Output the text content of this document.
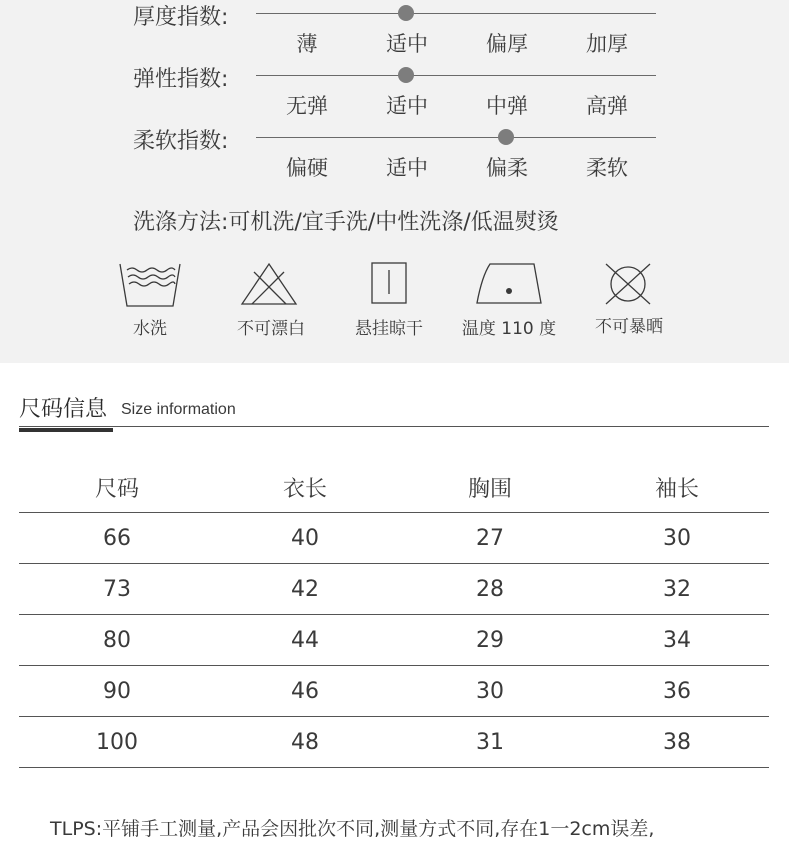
厚度指数:
薄	适中	偏厚	加厚
弹性指数:
无弹	适中	中弹	高弹
柔软指数:
偏硬	适中	偏柔	柔软
洗涤方法:可机洗/宜手洗/中性洗涤/低温熨烫
水洗	不可漂白	悬挂晾干	温度 110 度	不可暴晒
尺码信息 Size information
尺码	衣长	胸围	袖长
66	40	27	30
73	42	28	32
80	44	29	34
90	46	30	36
100	48	31	38
TLPS:平铺手工测量,产品会因批次不同,测量方式不同,存在1一2cm误差,
